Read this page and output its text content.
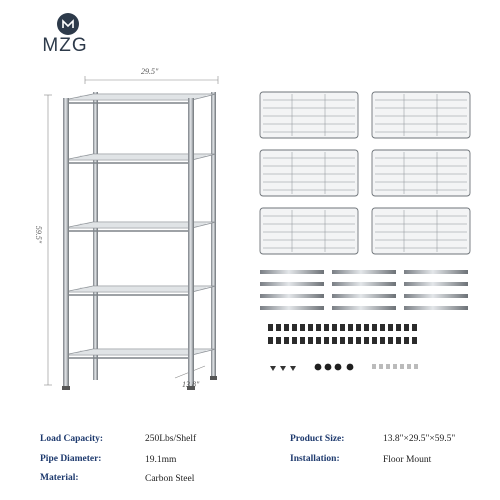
MZG
29.5"
59.5"
13.8"
Load Capacity:	250Lbs/Shelf
Pipe Diameter:	19.1mm
Material:	Carbon Steel
Product Size:	13.8"×29.5"×59.5"
Installation:	Floor Mount
